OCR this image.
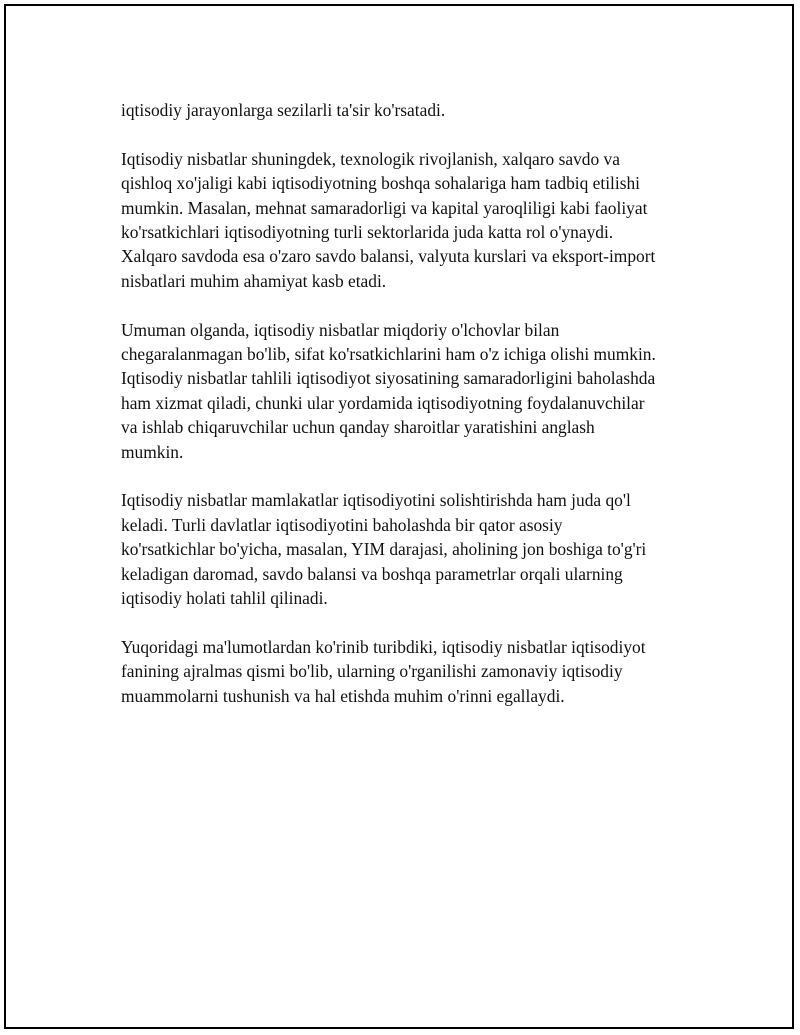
iqtisodiy jarayonlarga sezilarli ta'sir ko'rsatadi.

Iqtisodiy nisbatlar shuningdek, texnologik rivojlanish, xalqaro savdo va
qishloq xo'jaligi kabi iqtisodiyotning boshqa sohalariga ham tadbiq etilishi
mumkin. Masalan, mehnat samaradorligi va kapital yaroqliligi kabi faoliyat
ko'rsatkichlari iqtisodiyotning turli sektorlarida juda katta rol o'ynaydi.
Xalqaro savdoda esa o'zaro savdo balansi, valyuta kurslari va eksport-import
nisbatlari muhim ahamiyat kasb etadi.

Umuman olganda, iqtisodiy nisbatlar miqdoriy o'lchovlar bilan
chegaralanmagan bo'lib, sifat ko'rsatkichlarini ham o'z ichiga olishi mumkin.
Iqtisodiy nisbatlar tahlili iqtisodiyot siyosatining samaradorligini baholashda
ham xizmat qiladi, chunki ular yordamida iqtisodiyotning foydalanuvchilar
va ishlab chiqaruvchilar uchun qanday sharoitlar yaratishini anglash
mumkin.

Iqtisodiy nisbatlar mamlakatlar iqtisodiyotini solishtirishda ham juda qo'l
keladi. Turli davlatlar iqtisodiyotini baholashda bir qator asosiy
ko'rsatkichlar bo'yicha, masalan, YIM darajasi, aholining jon boshiga to'g'ri
keladigan daromad, savdo balansi va boshqa parametrlar orqali ularning
iqtisodiy holati tahlil qilinadi.

Yuqoridagi ma'lumotlardan ko'rinib turibdiki, iqtisodiy nisbatlar iqtisodiyot
fanining ajralmas qismi bo'lib, ularning o'rganilishi zamonaviy iqtisodiy
muammolarni tushunish va hal etishda muhim o'rinni egallaydi.
